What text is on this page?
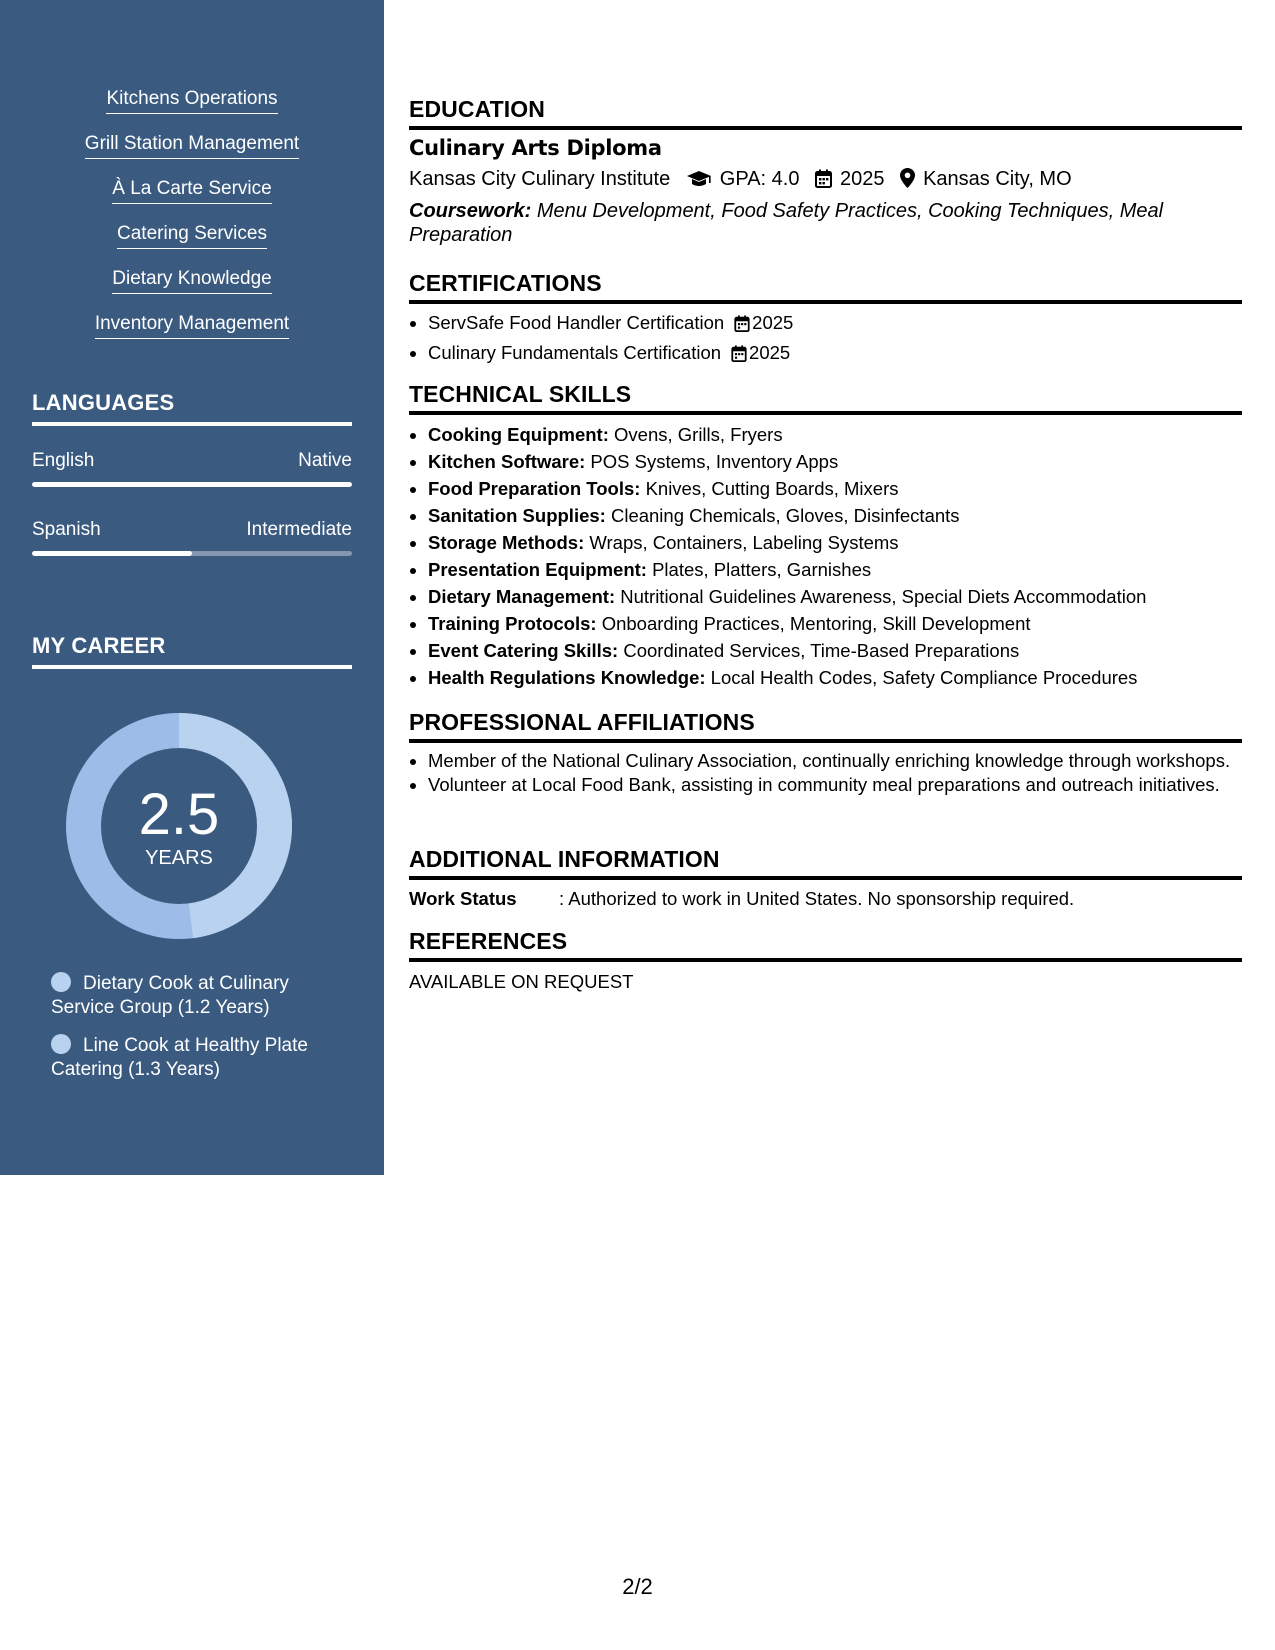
Kitchens Operations
Grill Station Management
À La Carte Service
Catering Services
Dietary Knowledge
Inventory Management
LANGUAGES
English	Native
Spanish	Intermediate
MY CAREER
2.5
YEARS
Dietary Cook at Culinary Service Group (1.2 Years)
Line Cook at Healthy Plate Catering (1.3 Years)
EDUCATION
Culinary Arts Diploma
Kansas City Culinary Institute GPA: 4.0 2025 Kansas City, MO
Coursework: Menu Development, Food Safety Practices, Cooking Techniques, Meal Preparation
CERTIFICATIONS
• ServSafe Food Handler Certification 2025
• Culinary Fundamentals Certification 2025
TECHNICAL SKILLS
• Cooking Equipment: Ovens, Grills, Fryers
• Kitchen Software: POS Systems, Inventory Apps
• Food Preparation Tools: Knives, Cutting Boards, Mixers
• Sanitation Supplies: Cleaning Chemicals, Gloves, Disinfectants
• Storage Methods: Wraps, Containers, Labeling Systems
• Presentation Equipment: Plates, Platters, Garnishes
• Dietary Management: Nutritional Guidelines Awareness, Special Diets Accommodation
• Training Protocols: Onboarding Practices, Mentoring, Skill Development
• Event Catering Skills: Coordinated Services, Time-Based Preparations
• Health Regulations Knowledge: Local Health Codes, Safety Compliance Procedures
PROFESSIONAL AFFILIATIONS
• Member of the National Culinary Association, continually enriching knowledge through workshops.
• Volunteer at Local Food Bank, assisting in community meal preparations and outreach initiatives.
ADDITIONAL INFORMATION
Work Status : Authorized to work in United States. No sponsorship required.
REFERENCES
AVAILABLE ON REQUEST
2/2
